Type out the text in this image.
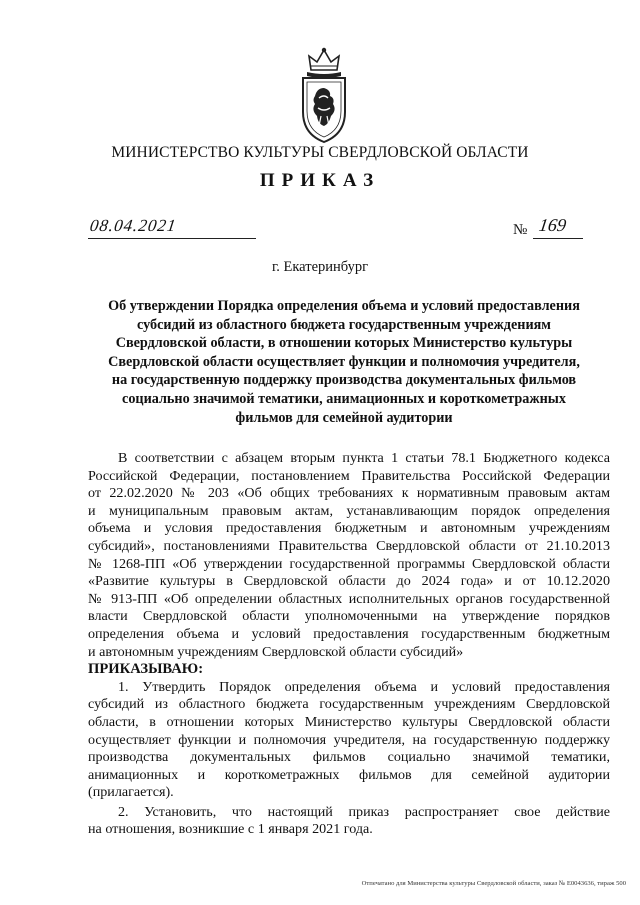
МИНИСТЕРСТВО КУЛЬТУРЫ СВЕРДЛОВСКОЙ ОБЛАСТИ
ПРИКАЗ
08.04.2021	№ 169
г. Екатеринбург
Об утверждении Порядка определения объема и условий предоставления
субсидий из областного бюджета государственным учреждениям
Свердловской области, в отношении которых Министерство культуры
Свердловской области осуществляет функции и полномочия учредителя,
на государственную поддержку производства документальных фильмов
социально значимой тематики, анимационных и короткометражных
фильмов для семейной аудитории
В соответствии с абзацем вторым пункта 1 статьи 78.1 Бюджетного кодекса
Российской Федерации, постановлением Правительства Российской Федерации
от 22.02.2020 № 203 «Об общих требованиях к нормативным правовым актам
и муниципальным правовым актам, устанавливающим порядок определения
объема и условия предоставления бюджетным и автономным учреждениям
субсидий», постановлениями Правительства Свердловской области от 21.10.2013
№ 1268-ПП «Об утверждении государственной программы Свердловской области
«Развитие культуры в Свердловской области до 2024 года» и от 10.12.2020
№ 913-ПП «Об определении областных исполнительных органов государственной
власти Свердловской области уполномоченными на утверждение порядков
определения объема и условий предоставления государственным бюджетным
и автономным учреждениям Свердловской области субсидий»
ПРИКАЗЫВАЮ:
1. Утвердить Порядок определения объема и условий предоставления
субсидий из областного бюджета государственным учреждениям Свердловской
области, в отношении которых Министерство культуры Свердловской области
осуществляет функции и полномочия учредителя, на государственную поддержку
производства документальных фильмов социально значимой тематики,
анимационных и короткометражных фильмов для семейной аудитории
(прилагается).
2. Установить, что настоящий приказ распространяет свое действие
на отношения, возникшие с 1 января 2021 года.
Отпечатано для Министерства культуры Свердловской области, заказ № Е0043636, тираж 500
